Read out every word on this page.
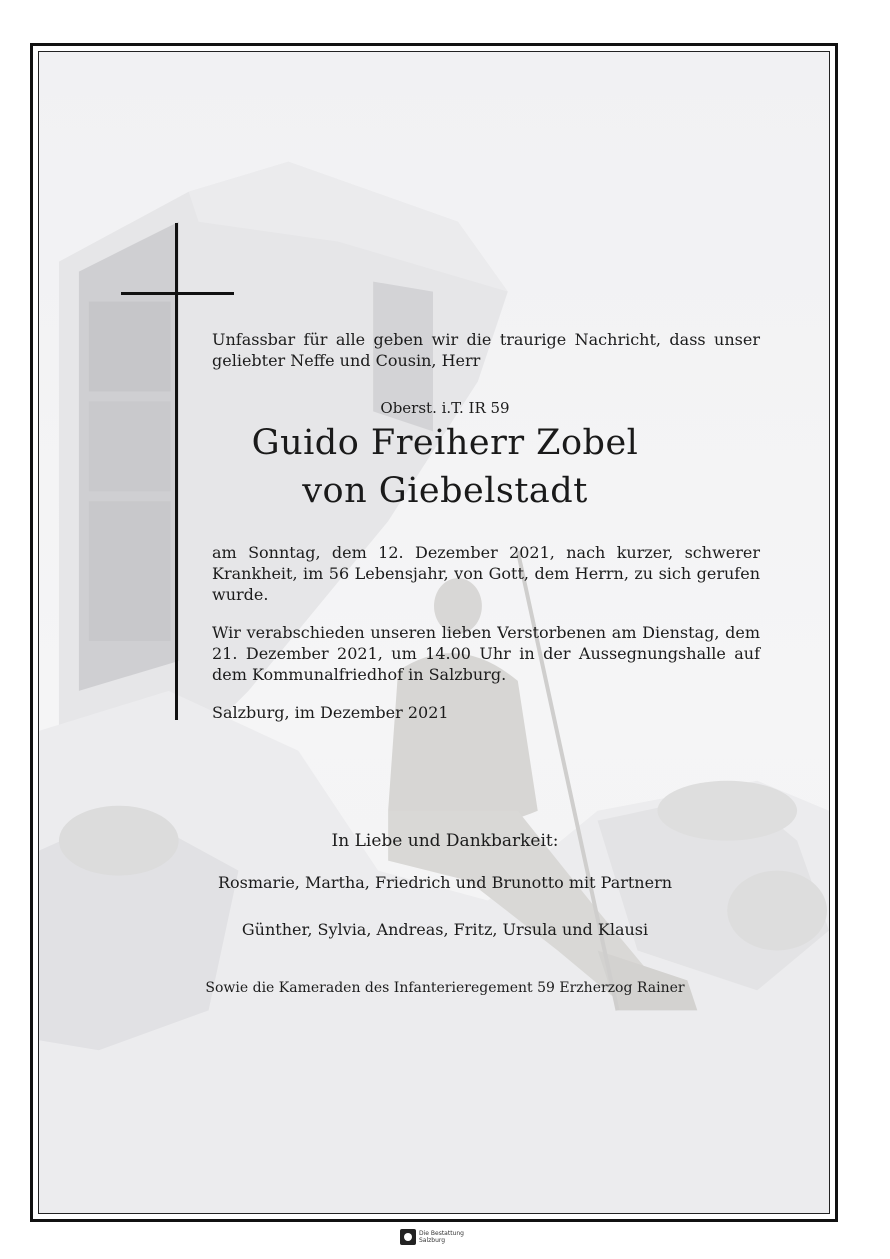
Unfassbar für alle geben wir die traurige Nachricht, dass unser geliebter Neffe und Cousin, Herr
Oberst. i.T. IR 59
Guido Freiherr Zobel
von Giebelstadt
am Sonntag, dem 12. Dezember 2021, nach kurzer, schwerer Krankheit, im 56 Lebensjahr, von Gott, dem Herrn, zu sich gerufen wurde.
Wir verabschieden unseren lieben Verstorbenen am Dienstag, dem 21. Dezember 2021, um 14.00 Uhr in der Aussegnungshalle auf dem Kommunalfriedhof in Salzburg.
Salzburg, im Dezember 2021
In Liebe und Dankbarkeit:
Rosmarie, Martha, Friedrich und Brunotto mit Partnern
Günther, Sylvia, Andreas, Fritz, Ursula und Klausi
Sowie die Kameraden des Infanterieregement 59 Erzherzog Rainer
Die Bestattung
Salzburg
